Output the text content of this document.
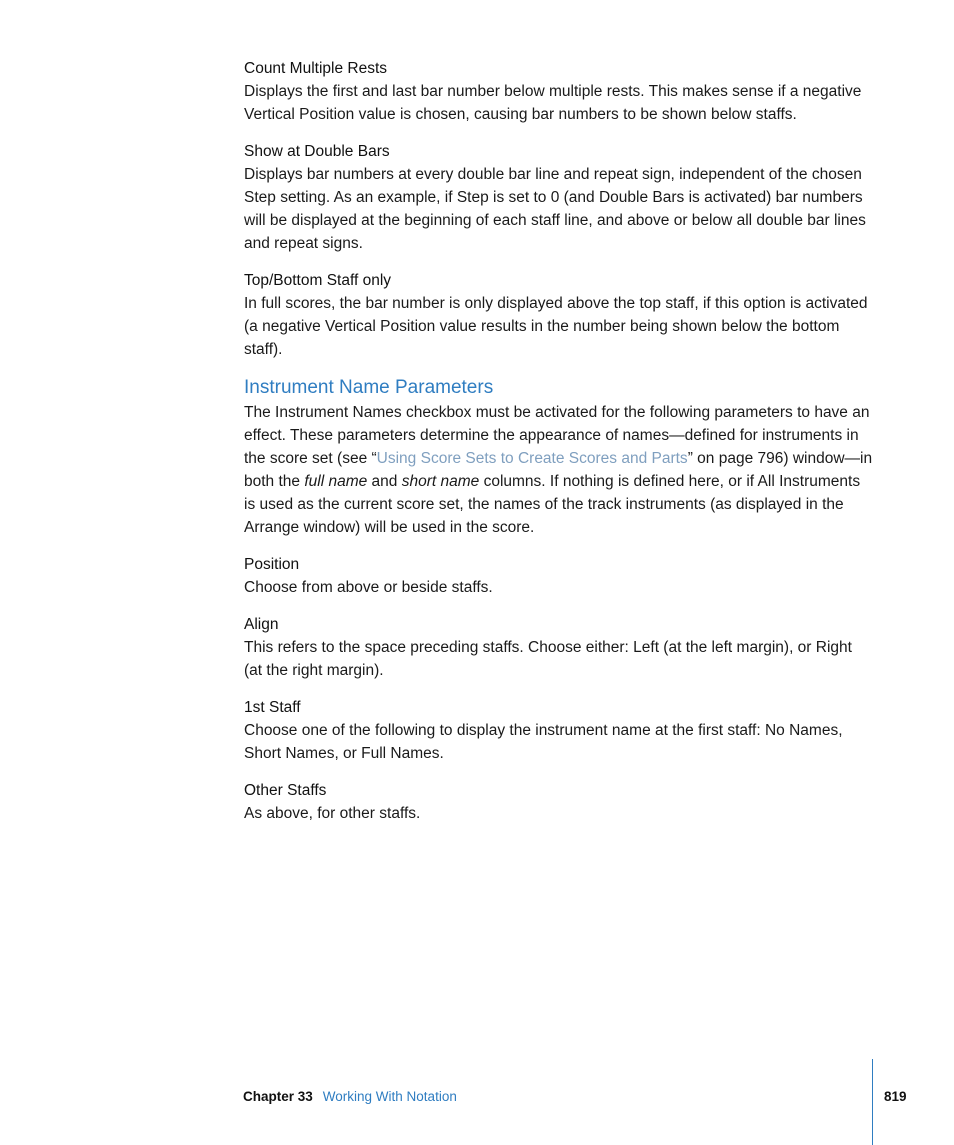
Count Multiple Rests

Displays the first and last bar number below multiple rests. This makes sense if a negative Vertical Position value is chosen, causing bar numbers to be shown below staffs.

Show at Double Bars

Displays bar numbers at every double bar line and repeat sign, independent of the chosen Step setting. As an example, if Step is set to 0 (and Double Bars is activated) bar numbers will be displayed at the beginning of each staff line, and above or below all double bar lines and repeat signs.

Top/Bottom Staff only

In full scores, the bar number is only displayed above the top staff, if this option is activated (a negative Vertical Position value results in the number being shown below the bottom staff).

Instrument Name Parameters

The Instrument Names checkbox must be activated for the following parameters to have an effect. These parameters determine the appearance of names—defined for instruments in the score set (see “Using Score Sets to Create Scores and Parts” on page 796) window—in both the full name and short name columns. If nothing is defined here, or if All Instruments is used as the current score set, the names of the track instruments (as displayed in the Arrange window) will be used in the score.

Position

Choose from above or beside staffs.

Align

This refers to the space preceding staffs. Choose either: Left (at the left margin), or Right (at the right margin).

1st Staff

Choose one of the following to display the instrument name at the first staff: No Names, Short Names, or Full Names.

Other Staffs

As above, for other staffs.

Chapter 33 Working With Notation	819
